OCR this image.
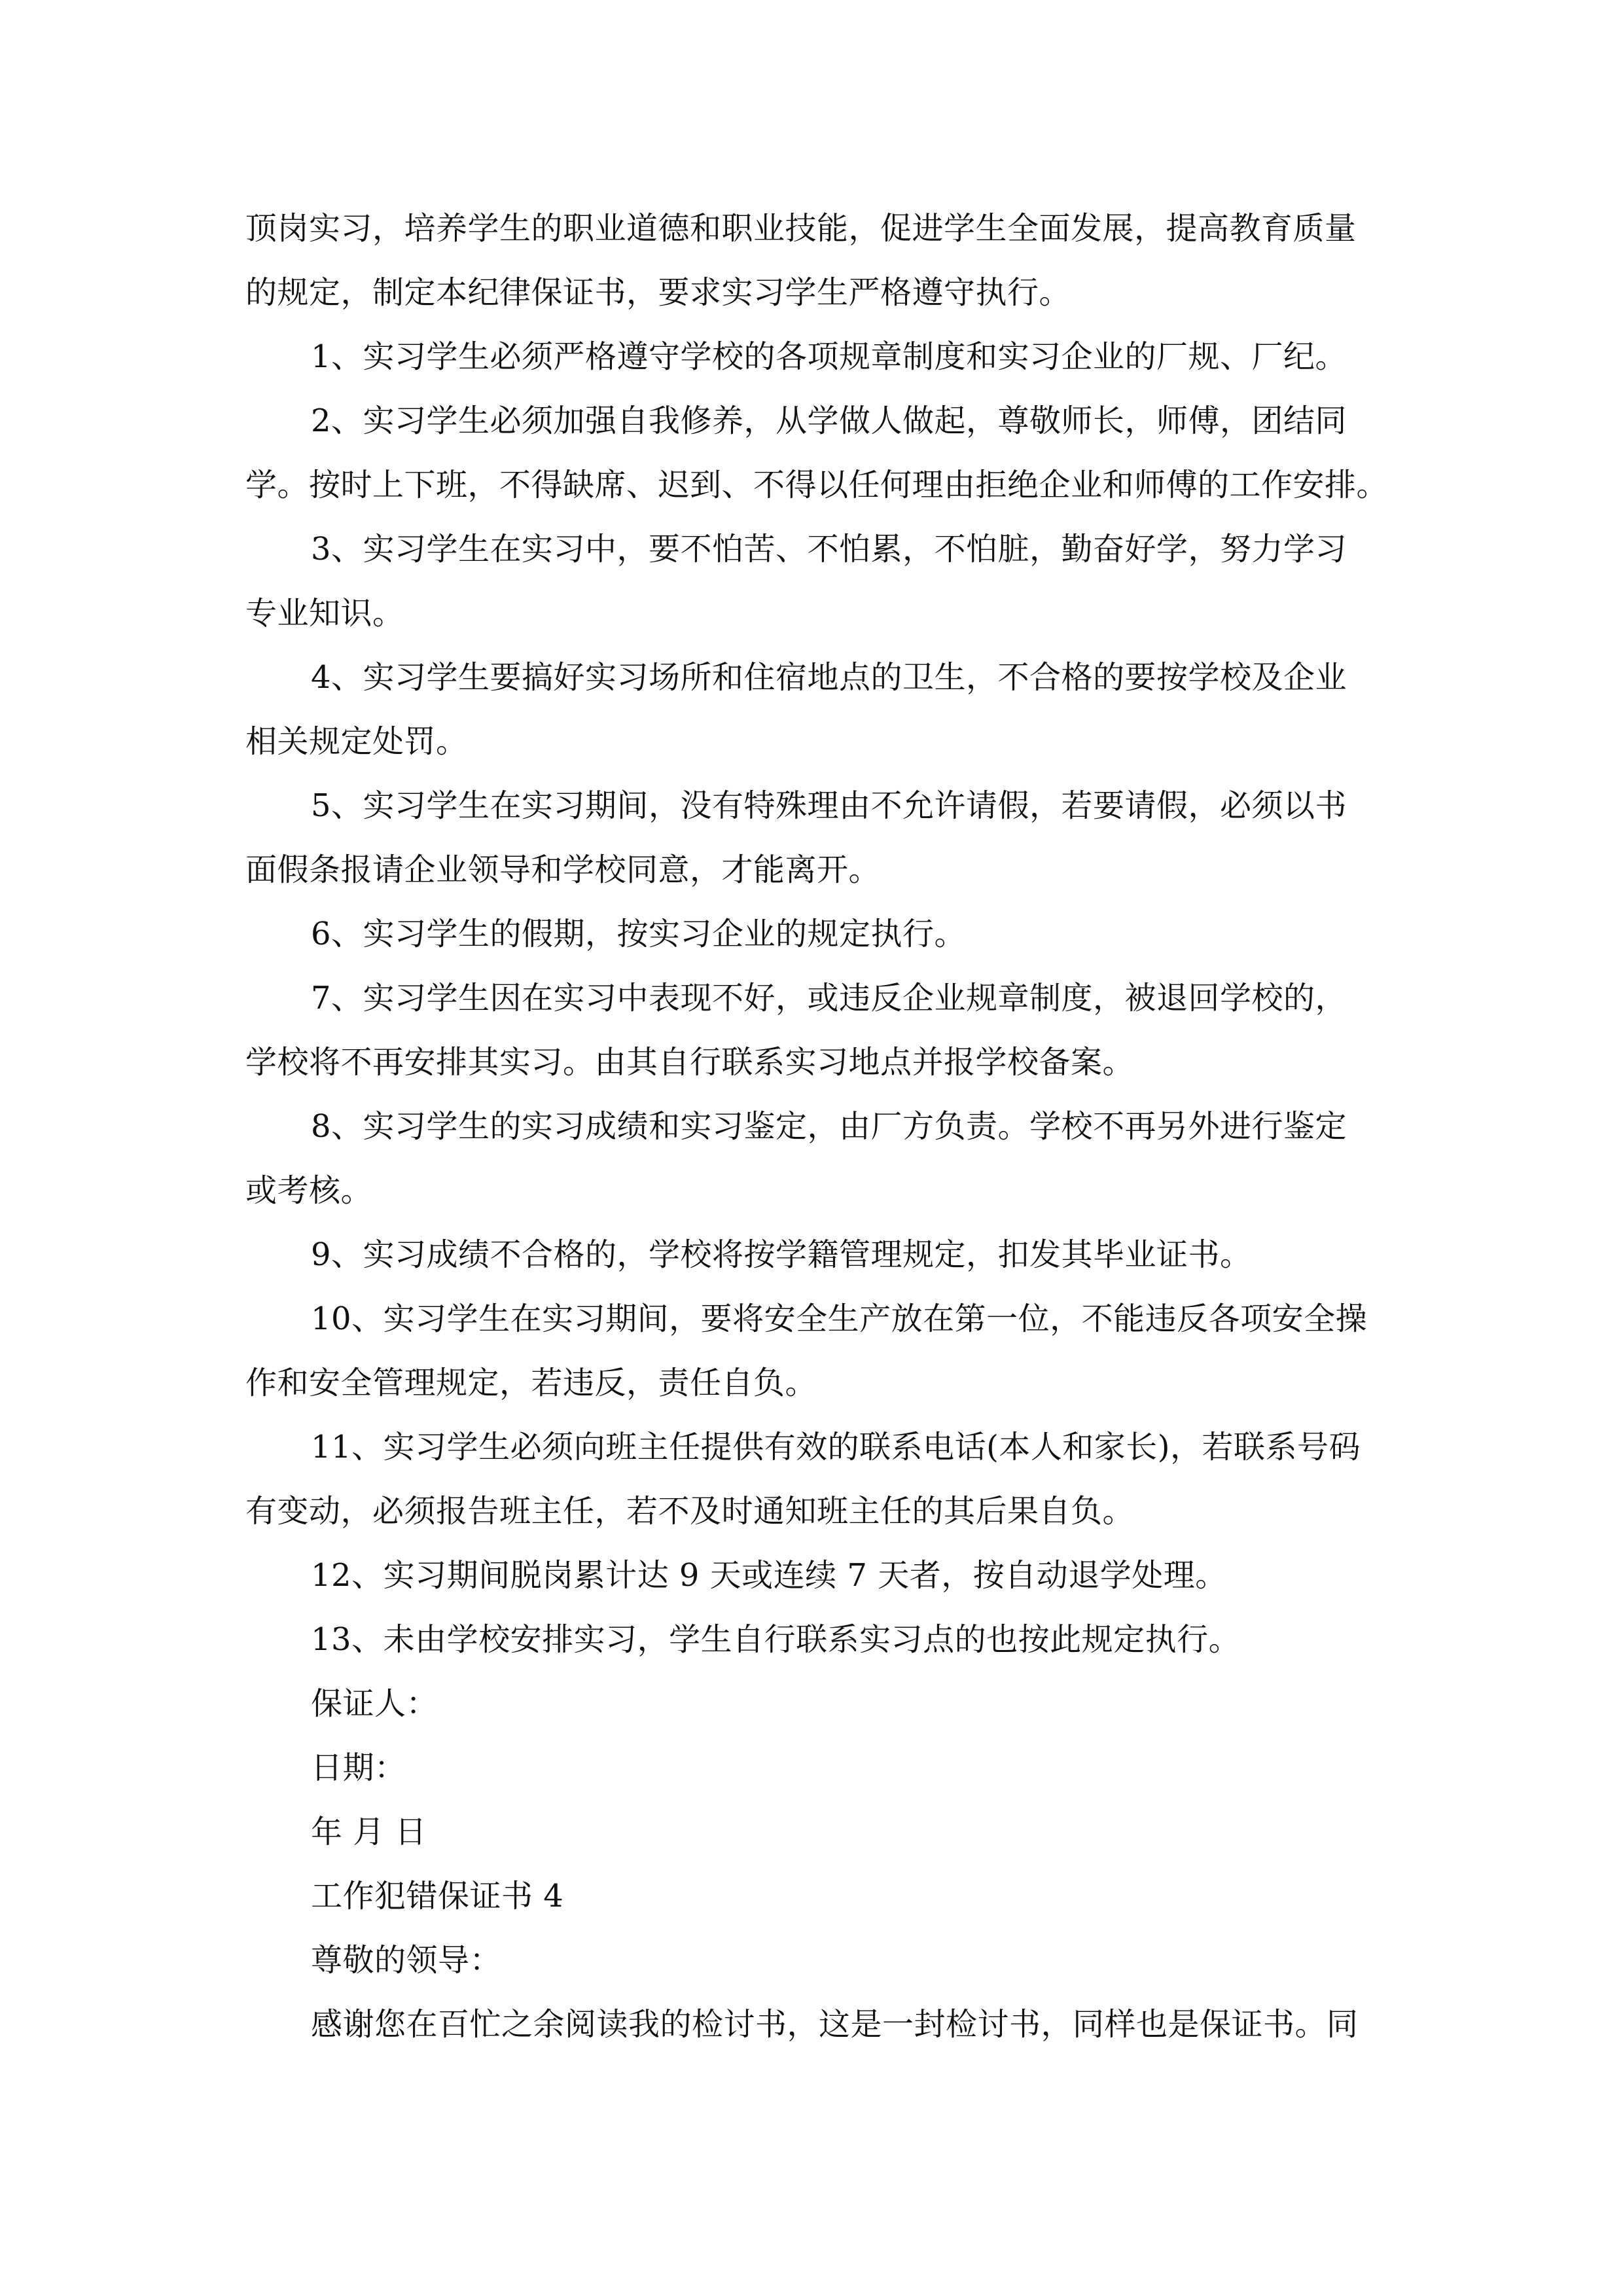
顶岗实习，培养学生的职业道德和职业技能，促进学生全面发展，提高教育质量
的规定，制定本纪律保证书，要求实习学生严格遵守执行。
1、实习学生必须严格遵守学校的各项规章制度和实习企业的厂规、厂纪。
2、实习学生必须加强自我修养，从学做人做起，尊敬师长，师傅，团结同
学。按时上下班，不得缺席、迟到、不得以任何理由拒绝企业和师傅的工作安排。
3、实习学生在实习中，要不怕苦、不怕累，不怕脏，勤奋好学，努力学习
专业知识。
4、实习学生要搞好实习场所和住宿地点的卫生，不合格的要按学校及企业
相关规定处罚。
5、实习学生在实习期间，没有特殊理由不允许请假，若要请假，必须以书
面假条报请企业领导和学校同意，才能离开。
6、实习学生的假期，按实习企业的规定执行。
7、实习学生因在实习中表现不好，或违反企业规章制度，被退回学校的，
学校将不再安排其实习。由其自行联系实习地点并报学校备案。
8、实习学生的实习成绩和实习鉴定，由厂方负责。学校不再另外进行鉴定
或考核。
9、实习成绩不合格的，学校将按学籍管理规定，扣发其毕业证书。
10、实习学生在实习期间，要将安全生产放在第一位，不能违反各项安全操
作和安全管理规定，若违反，责任自负。
11、实习学生必须向班主任提供有效的联系电话(本人和家长)，若联系号码
有变动，必须报告班主任，若不及时通知班主任的其后果自负。
12、实习期间脱岗累计达 9 天或连续 7 天者，按自动退学处理。
13、未由学校安排实习，学生自行联系实习点的也按此规定执行。
保证人：
日期：
年 月 日
工作犯错保证书 4
尊敬的领导：
感谢您在百忙之余阅读我的检讨书，这是一封检讨书，同样也是保证书。同
